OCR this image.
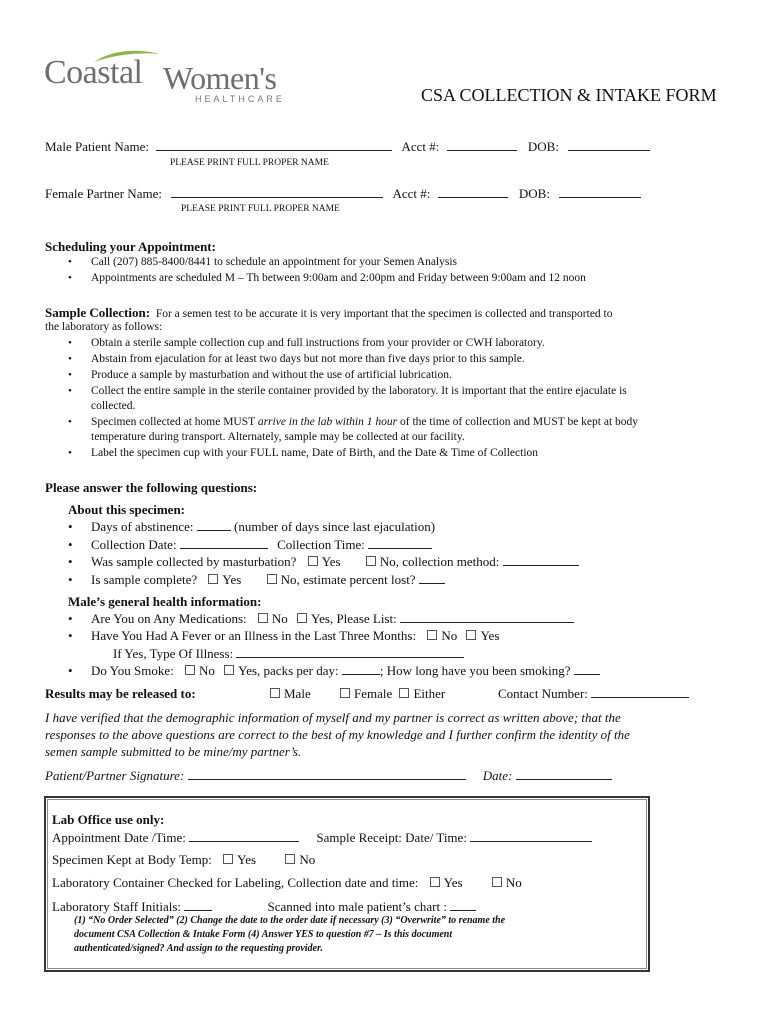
Coastal Women's
HEALTHCARE	CSA COLLECTION & INTAKE FORM
Male Patient Name:	Acct #:	DOB:
PLEASE PRINT FULL PROPER NAME
Female Partner Name:	Acct #:	DOB:
PLEASE PRINT FULL PROPER NAME
Scheduling your Appointment:
• Call (207) 885-8400/8441 to schedule an appointment for your Semen Analysis
• Appointments are scheduled M – Th between 9:00am and 2:00pm and Friday between 9:00am and 12 noon
Sample Collection: For a semen test to be accurate it is very important that the specimen is collected and transported to
the laboratory as follows:
• Obtain a sterile sample collection cup and full instructions from your provider or CWH laboratory.
• Abstain from ejaculation for at least two days but not more than five days prior to this sample.
• Produce a sample by masturbation and without the use of artificial lubrication.
• Collect the entire sample in the sterile container provided by the laboratory. It is important that the entire ejaculate is
collected.
• Specimen collected at home MUST arrive in the lab within 1 hour of the time of collection and MUST be kept at body
temperature during transport. Alternately, sample may be collected at our facility.
• Label the specimen cup with your FULL name, Date of Birth, and the Date & Time of Collection
Please answer the following questions:
About this specimen:
• Days of abstinence:	(number of days since last ejaculation)
• Collection Date:	Collection Time:
• Was sample collected by masturbation? Yes	No, collection method:
• Is sample complete? Yes	No, estimate percent lost?
Male’s general health information:
• Are You on Any Medications: No Yes, Please List:
• Have You Had A Fever or an Illness in the Last Three Months: No Yes
If Yes, Type Of Illness:
• Do You Smoke: No Yes, packs per day:	; How long have you been smoking?
Results may be released to:	Male	Female Either	Contact Number:
I have verified that the demographic information of myself and my partner is correct as written above; that the
responses to the above questions are correct to the best of my knowledge and I further confirm the identity of the
semen sample submitted to be mine/my partner’s.
Patient/Partner Signature:	Date:
Lab Office use only:
Appointment Date /Time:	Sample Receipt: Date/ Time:
Specimen Kept at Body Temp: Yes	No
Laboratory Container Checked for Labeling, Collection date and time: Yes	No
Laboratory Staff Initials:	Scanned into male patient’s chart :
(1) “No Order Selected” (2) Change the date to the order date if necessary (3) “Overwrite” to rename the
document CSA Collection & Intake Form (4) Answer YES to question #7 – Is this document
authenticated/signed? And assign to the requesting provider.
